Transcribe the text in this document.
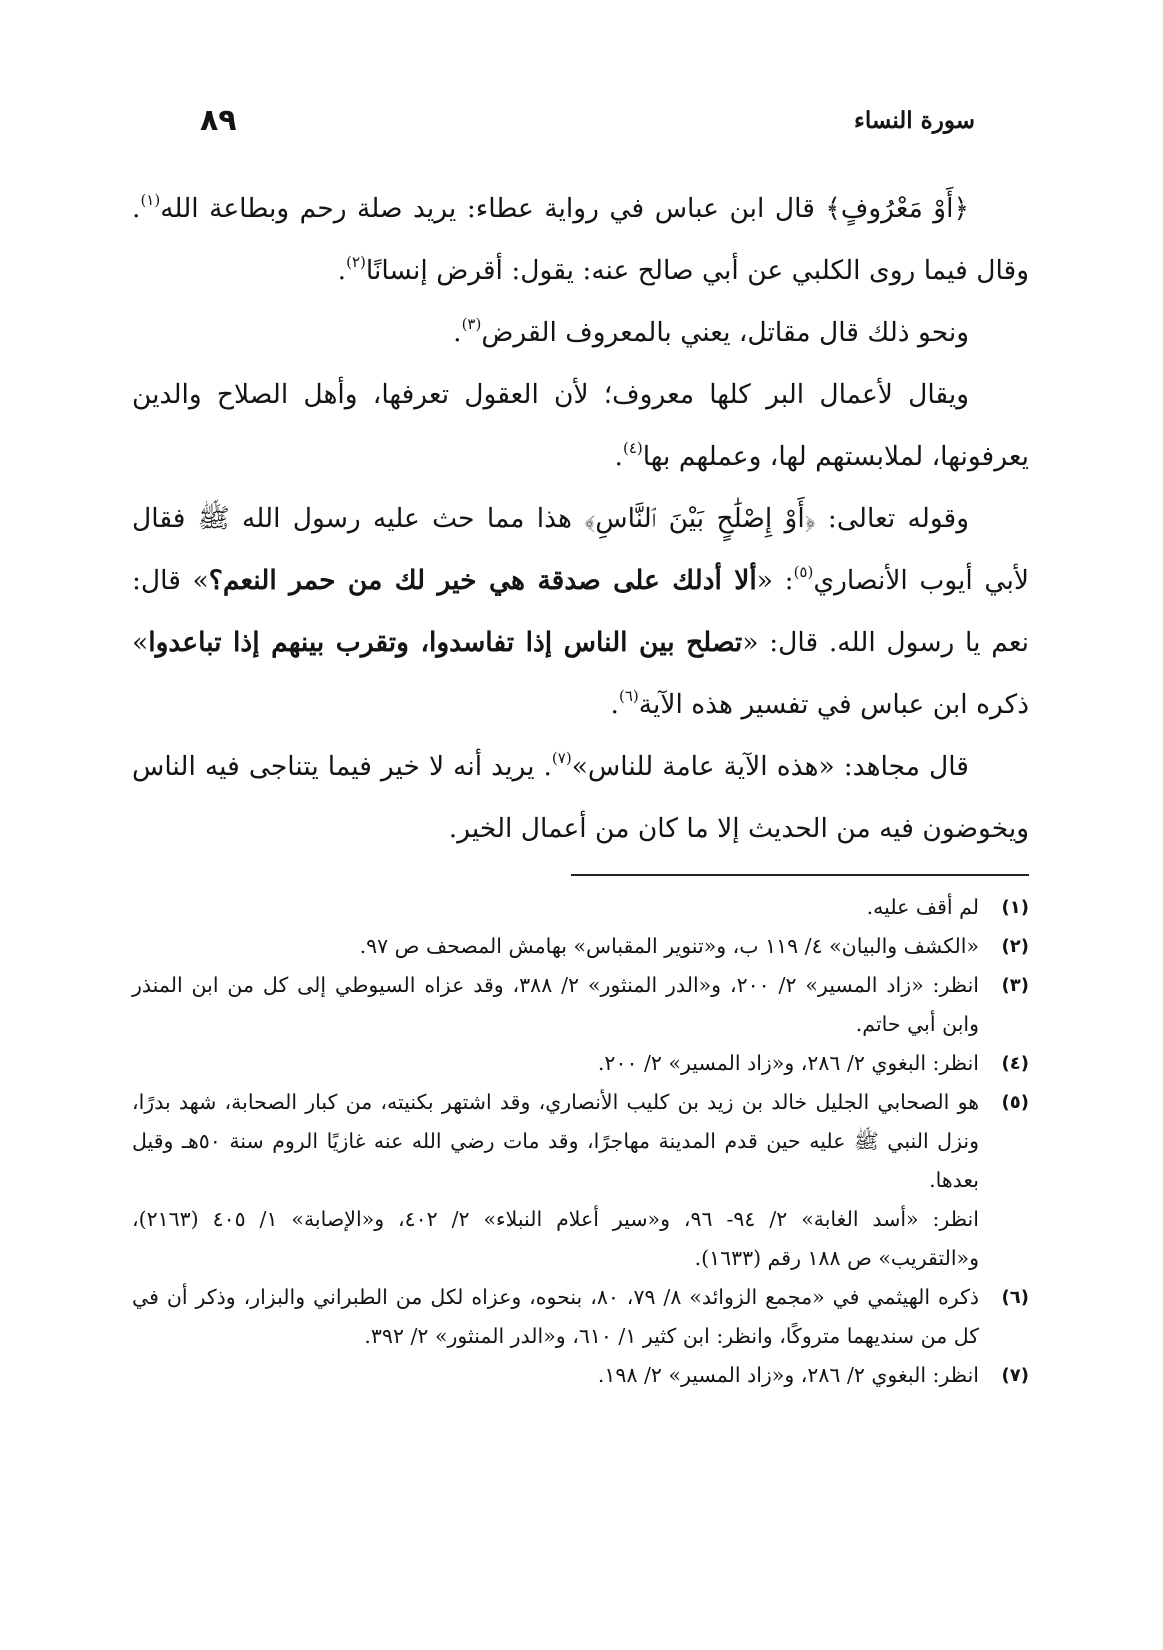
سورة النساء
٨٩

﴿أَوْ مَعْرُوفٍ﴾ قال ابن عباس في رواية عطاء: يريد صلة رحم وبطاعة الله$^{(١)}$. وقال فيما روى الكلبي عن أبي صالح عنه: يقول: أقرض إنسانًا$^{(٢)}$.

ونحو ذلك قال مقاتل، يعني بالمعروف القرض$^{(٣)}$.

ويقال لأعمال البر كلها معروف؛ لأن العقول تعرفها، وأهل الصلاح والدين يعرفونها، لملابستهم لها، وعملهم بها$^{(٤)}$.

وقوله تعالى: ﴿أَوْ إِصْلَٰحٍ بَيْنَ ٱلنَّاسِ﴾ هذا مما حث عليه رسول الله ﷺ فقال لأبي أيوب الأنصاري$^{(٥)}$: «ألا أدلك على صدقة هي خير لك من حمر النعم؟» قال: نعم يا رسول الله. قال: «تصلح بين الناس إذا تفاسدوا، وتقرب بينهم إذا تباعدوا» ذكره ابن عباس في تفسير هذه الآية$^{(٦)}$.

قال مجاهد: «هذه الآية عامة للناس»$^{(٧)}$. يريد أنه لا خير فيما يتناجى فيه الناس ويخوضون فيه من الحديث إلا ما كان من أعمال الخير.

(١)

لم أقف عليه.

(٢)

«الكشف والبيان» ٤/ ١١٩ ب، و«تنوير المقباس» بهامش المصحف ص ٩٧.

(٣)

انظر: «زاد المسير» ٢/ ٢٠٠، و«الدر المنثور» ٢/ ٣٨٨، وقد عزاه السيوطي إلى كل من ابن المنذر وابن أبي حاتم.

(٤)

انظر: البغوي ٢/ ٢٨٦، و«زاد المسير» ٢/ ٢٠٠.

(٥)

هو الصحابي الجليل خالد بن زيد بن كليب الأنصاري، وقد اشتهر بكنيته، من كبار الصحابة، شهد بدرًا، ونزل النبي ﷺ عليه حين قدم المدينة مهاجرًا، وقد مات رضي الله عنه غازيًا الروم سنة ٥٠هـ وقيل بعدها.

انظر: «أسد الغابة» ٢/ ٩٤- ٩٦، و«سير أعلام النبلاء» ٢/ ٤٠٢، و«الإصابة» ١/ ٤٠٥ (٢١٦٣)، و«التقريب» ص ١٨٨ رقم (١٦٣٣).

(٦)

ذكره الهيثمي في «مجمع الزوائد» ٨/ ٧٩، ٨٠، بنحوه، وعزاه لكل من الطبراني والبزار، وذكر أن في كل من سنديهما متروكًا، وانظر: ابن كثير ١/ ٦١٠، و«الدر المنثور» ٢/ ٣٩٢.

(٧)

انظر: البغوي ٢/ ٢٨٦، و«زاد المسير» ٢/ ١٩٨.
